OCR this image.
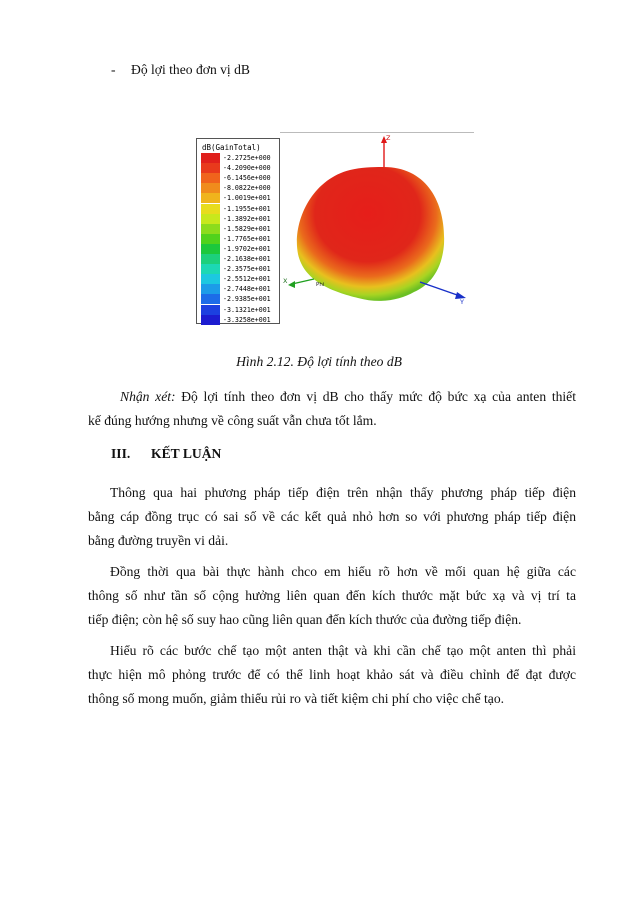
- Độ lợi theo đơn vị dB
dB(GainTotal)
-2.2725e+000
-4.2090e+000
-6.1456e+000
-8.0822e+000
-1.0019e+001
-1.1955e+001
-1.3892e+001
-1.5829e+001
-1.7765e+001
-1.9702e+001
-2.1638e+001
-2.3575e+001
-2.5512e+001
-2.7448e+001
-2.9385e+001
-3.1321e+001
-3.3258e+001
Z
Y
X	Phi
Hình 2.12. Độ lợi tính theo dB
Nhận xét: Độ lợi tính theo đơn vị dB cho thấy mức độ bức xạ của anten thiết
kế đúng hướng nhưng về công suất vẫn chưa tốt lắm.
III. KẾT LUẬN
Thông qua hai phương pháp tiếp điện trên nhận thấy phương pháp tiếp điện
bằng cáp đồng trục có sai số về các kết quả nhỏ hơn so với phương pháp tiếp điện
bằng đường truyền vi dải.
Đồng thời qua bài thực hành chco em hiểu rõ hơn về mối quan hệ giữa các
thông số như tần số cộng hưởng liên quan đến kích thước mặt bức xạ và vị trí ta
tiếp điện; còn hệ số suy hao cũng liên quan đến kích thước của đường tiếp điện.
Hiểu rõ các bước chế tạo một anten thật và khi cần chế tạo một anten thì phải
thực hiện mô phỏng trước để có thể linh hoạt khảo sát và điều chỉnh để đạt được
thông số mong muốn, giảm thiểu rủi ro và tiết kiệm chi phí cho việc chế tạo.
